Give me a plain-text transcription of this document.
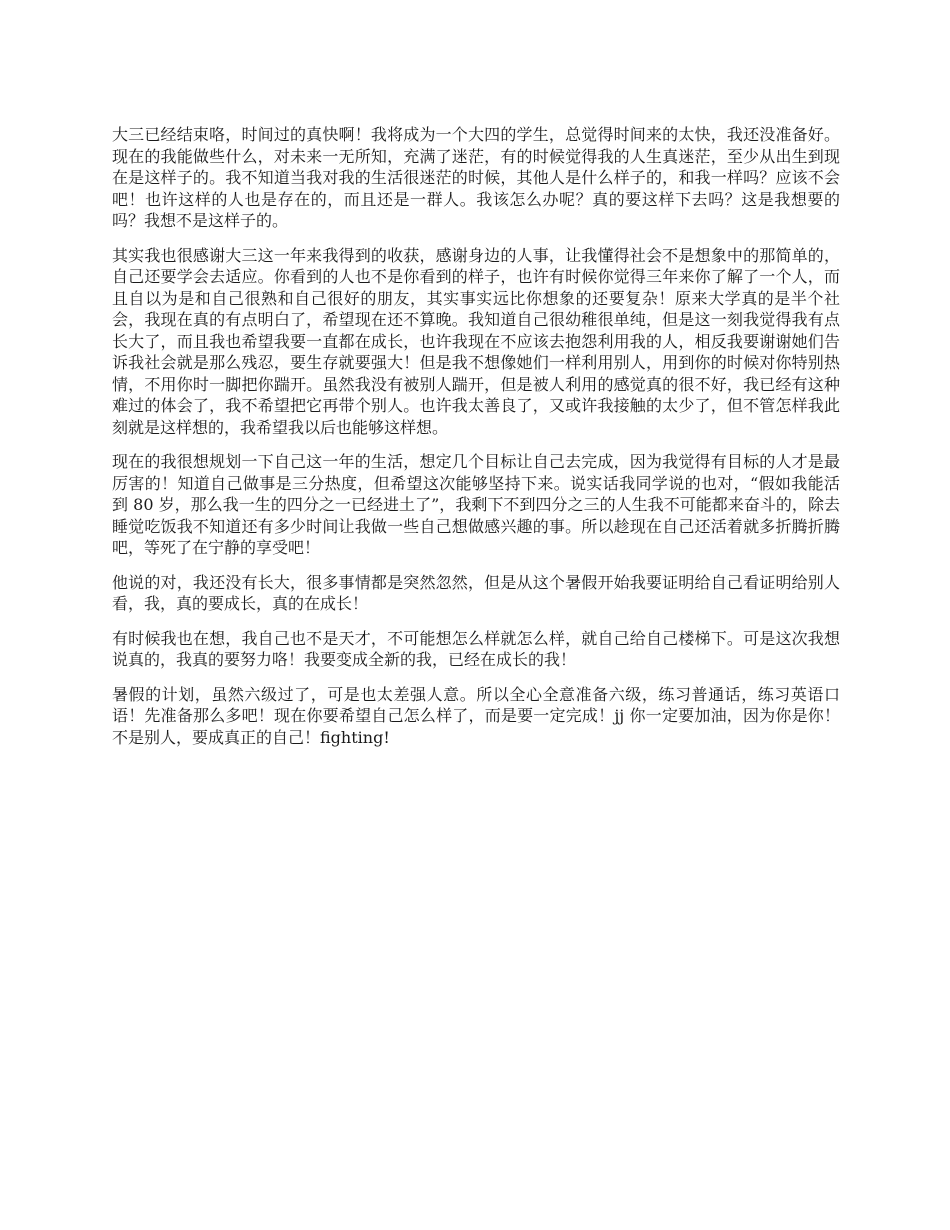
大三已经结束咯，时间过的真快啊！我将成为一个大四的学生，总觉得时间来的太快，我还没准备好。现在的我能做些什么，对未来一无所知，充满了迷茫，有的时候觉得我的人生真迷茫，至少从出生到现在是这样子的。我不知道当我对我的生活很迷茫的时候，其他人是什么样子的，和我一样吗？应该不会吧！也许这样的人也是存在的，而且还是一群人。我该怎么办呢？真的要这样下去吗？这是我想要的吗？我想不是这样子的。

其实我也很感谢大三这一年来我得到的收获，感谢身边的人事，让我懂得社会不是想象中的那简单的，自己还要学会去适应。你看到的人也不是你看到的样子，也许有时候你觉得三年来你了解了一个人，而且自以为是和自己很熟和自己很好的朋友，其实事实远比你想象的还要复杂！原来大学真的是半个社会，我现在真的有点明白了，希望现在还不算晚。我知道自己很幼稚很单纯，但是这一刻我觉得我有点长大了，而且我也希望我要一直都在成长，也许我现在不应该去抱怨利用我的人，相反我要谢谢她们告诉我社会就是那么残忍，要生存就要强大！但是我不想像她们一样利用别人，用到你的时候对你特别热情，不用你时一脚把你踹开。虽然我没有被别人踹开，但是被人利用的感觉真的很不好，我已经有这种难过的体会了，我不希望把它再带个别人。也许我太善良了，又或许我接触的太少了，但不管怎样我此刻就是这样想的，我希望我以后也能够这样想。

现在的我很想规划一下自己这一年的生活，想定几个目标让自己去完成，因为我觉得有目标的人才是最厉害的！知道自己做事是三分热度，但希望这次能够坚持下来。说实话我同学说的也对，“假如我能活到 80 岁，那么我一生的四分之一已经进土了”，我剩下不到四分之三的人生我不可能都来奋斗的，除去睡觉吃饭我不知道还有多少时间让我做一些自己想做感兴趣的事。所以趁现在自己还活着就多折腾折腾吧，等死了在宁静的享受吧！

他说的对，我还没有长大，很多事情都是突然忽然，但是从这个暑假开始我要证明给自己看证明给别人看，我，真的要成长，真的在成长！

有时候我也在想，我自己也不是天才，不可能想怎么样就怎么样，就自己给自己楼梯下。可是这次我想说真的，我真的要努力咯！我要变成全新的我，已经在成长的我！

暑假的计划，虽然六级过了，可是也太差强人意。所以全心全意准备六级，练习普通话，练习英语口语！先准备那么多吧！现在你要希望自己怎么样了，而是要一定完成！jj 你一定要加油，因为你是你！不是别人，要成真正的自己！fighting!
